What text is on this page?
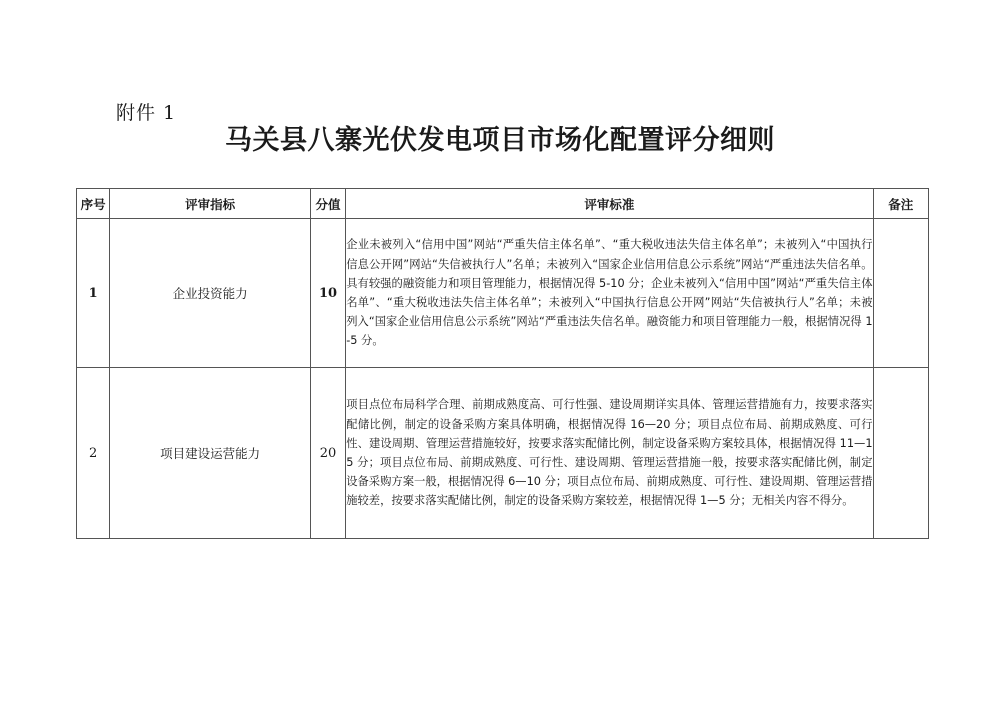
附件 1
马关县八寨光伏发电项目市场化配置评分细则
序号	评审指标	分值	评审标准	备注
1	企业投资能力	10	企业未被列入“信用中国”网站“严重失信主体名单”、“重大税收违法失信主体名单”；未被列入“中国执行信息公开网”网站“失信被执行人”名单；未被列入“国家企业信用信息公示系统”网站“严重违法失信名单。具有较强的融资能力和项目管理能力，根据情况得 5-10 分；企业未被列入“信用中国”网站“严重失信主体名单”、“重大税收违法失信主体名单”；未被列入“中国执行信息公开网”网站“失信被执行人”名单；未被列入“国家企业信用信息公示系统”网站“严重违法失信名单。融资能力和项目管理能力一般，根据情况得 1-5 分。	
2	项目建设运营能力	20	项目点位布局科学合理、前期成熟度高、可行性强、建设周期详实具体、管理运营措施有力，按要求落实配储比例，制定的设备采购方案具体明确，根据情况得 16—20 分；项目点位布局、前期成熟度、可行性、建设周期、管理运营措施较好，按要求落实配储比例，制定设备采购方案较具体，根据情况得 11—15 分；项目点位布局、前期成熟度、可行性、建设周期、管理运营措施一般，按要求落实配储比例，制定设备采购方案一般，根据情况得 6—10 分；项目点位布局、前期成熟度、可行性、建设周期、管理运营措施较差，按要求落实配储比例，制定的设备采购方案较差，根据情况得 1—5 分；无相关内容不得分。	
